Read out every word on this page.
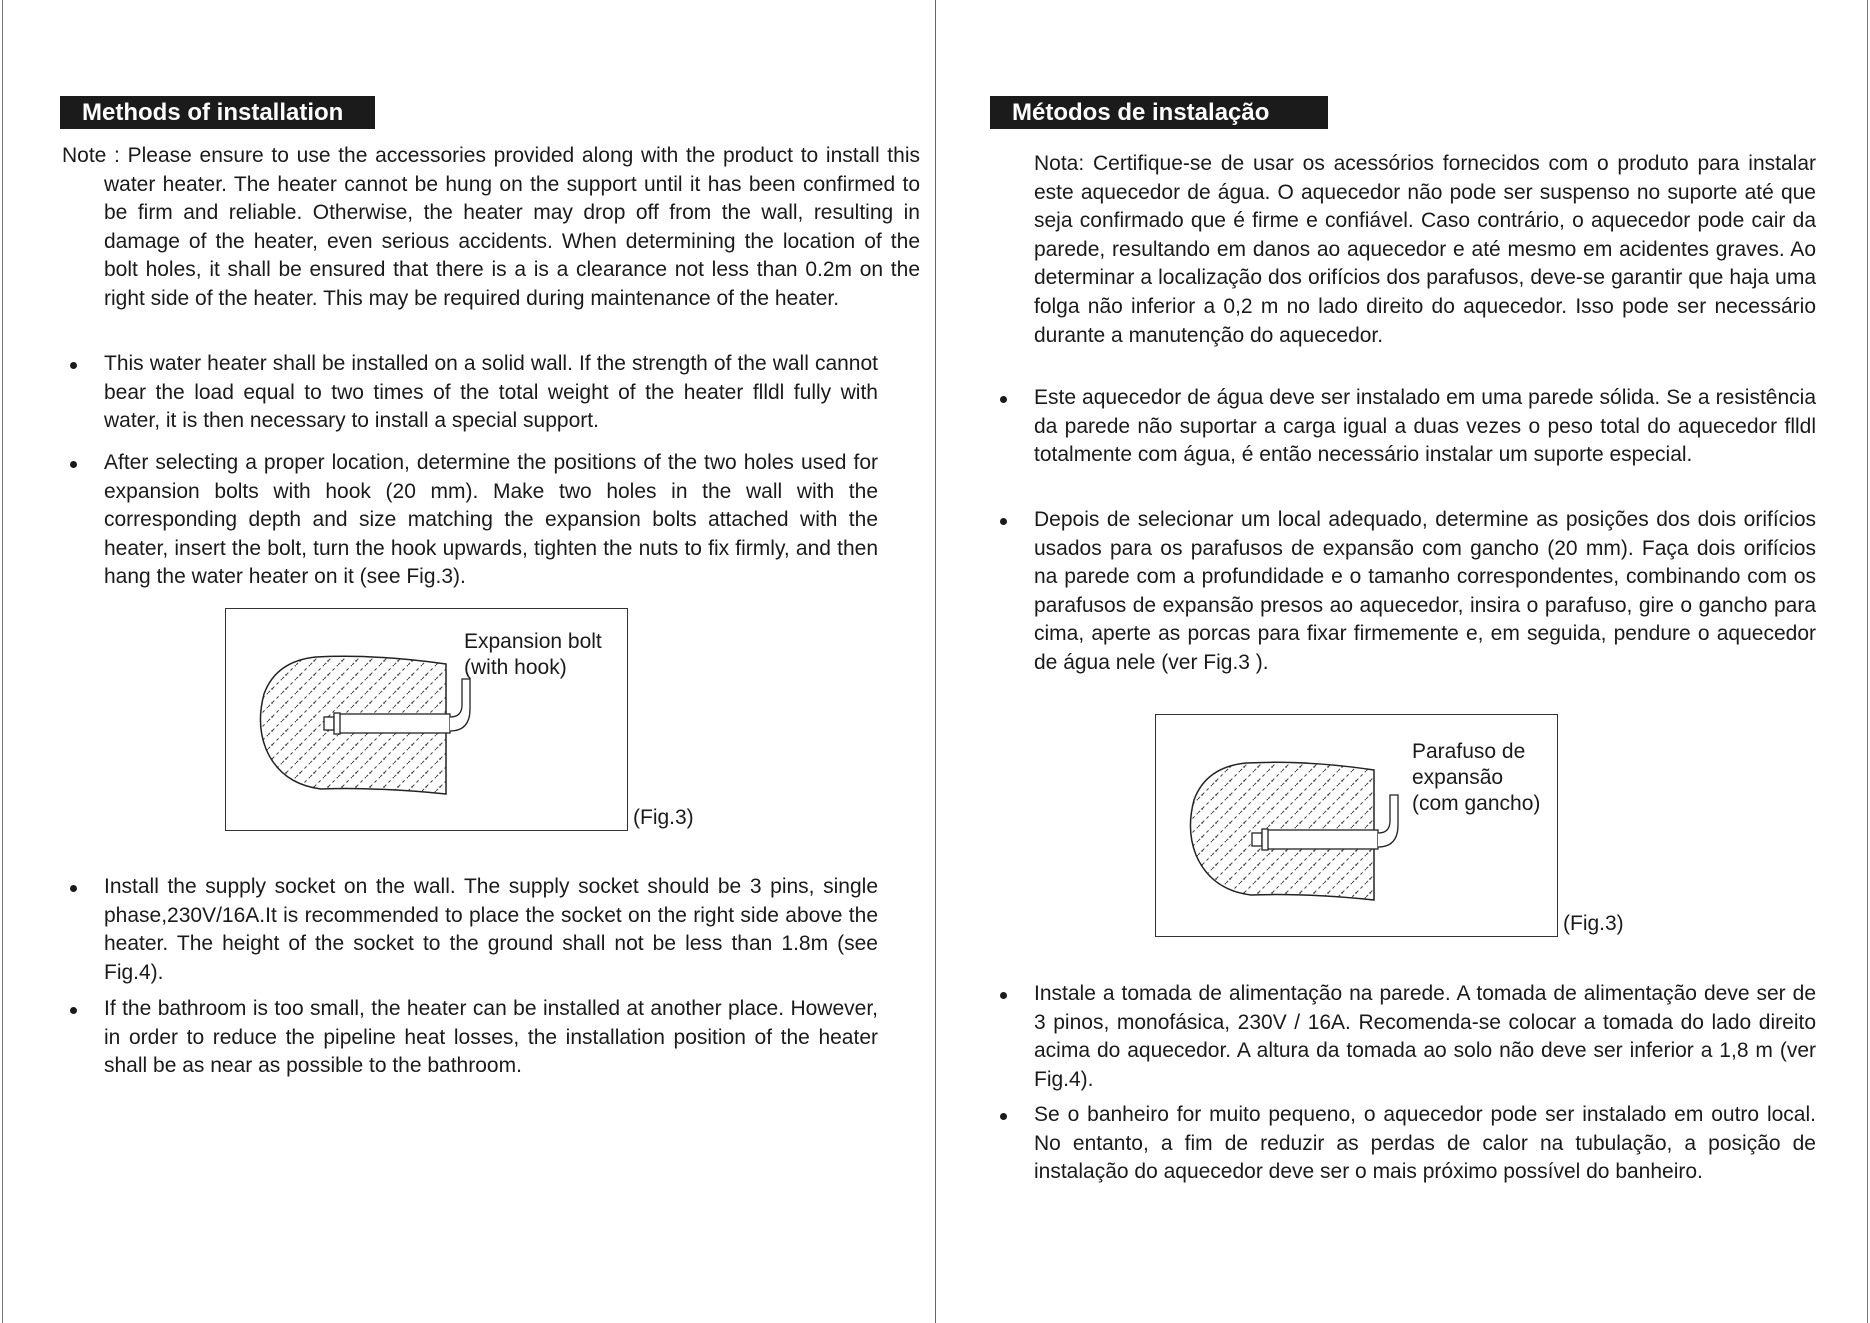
Methods of installation

Note : Please ensure to use the accessories provided along with the product to install this water heater. The heater cannot be hung on the support until it has been confirmed to be firm and reliable. Otherwise, the heater may drop off from the wall, resulting in damage of the heater, even serious accidents. When determining the location of the bolt holes, it shall be ensured that there is a is a clearance not less than 0.2m on the right side of the heater. This may be required during maintenance of the heater.

This water heater shall be installed on a solid wall. If the strength of the wall cannot bear the load equal to two times of the total weight of the heater flldl fully with water, it is then necessary to install a special support.
After selecting a proper location, determine the positions of the two holes used for expansion bolts with hook (20 mm). Make two holes in the wall with the corresponding depth and size matching the expansion bolts attached with the heater, insert the bolt, turn the hook upwards, tighten the nuts to fix firmly, and then hang the water heater on it (see Fig.3).
Expansion bolt
(with hook)
(Fig.3)
Install the supply socket on the wall. The supply socket should be 3 pins, single phase,230V/16A.It is recommended to place the socket on the right side above the heater. The height of the socket to the ground shall not be less than 1.8m (see Fig.4).
If the bathroom is too small, the heater can be installed at another place. However, in order to reduce the pipeline heat losses, the installation position of the heater shall be as near as possible to the bathroom.
Métodos de instalação

Nota: Certifique-se de usar os acessórios fornecidos com o produto para instalar este aquecedor de água. O aquecedor não pode ser suspenso no suporte até que seja confirmado que é firme e confiável. Caso contrário, o aquecedor pode cair da parede, resultando em danos ao aquecedor e até mesmo em acidentes graves. Ao determinar a localização dos orifícios dos parafusos, deve-se garantir que haja uma folga não inferior a 0,2 m no lado direito do aquecedor. Isso pode ser necessário durante a manutenção do aquecedor.

Este aquecedor de água deve ser instalado em uma parede sólida. Se a resistência da parede não suportar a carga igual a duas vezes o peso total do aquecedor flldl totalmente com água, é então necessário instalar um suporte especial.
Depois de selecionar um local adequado, determine as posições dos dois orifícios usados para os parafusos de expansão com gancho (20 mm). Faça dois orifícios na parede com a profundidade e o tamanho correspondentes, combinando com os parafusos de expansão presos ao aquecedor, insira o parafuso, gire o gancho para cima, aperte as porcas para fixar firmemente e, em seguida, pendure o aquecedor de água nele (ver Fig.3 ).
Parafuso de
expansão
(com gancho)
(Fig.3)
Instale a tomada de alimentação na parede. A tomada de alimentação deve ser de 3 pinos, monofásica, 230V / 16A. Recomenda-se colocar a tomada do lado direito acima do aquecedor. A altura da tomada ao solo não deve ser inferior a 1,8 m (ver Fig.4).
Se o banheiro for muito pequeno, o aquecedor pode ser instalado em outro local. No entanto, a fim de reduzir as perdas de calor na tubulação, a posição de instalação do aquecedor deve ser o mais próximo possível do banheiro.
